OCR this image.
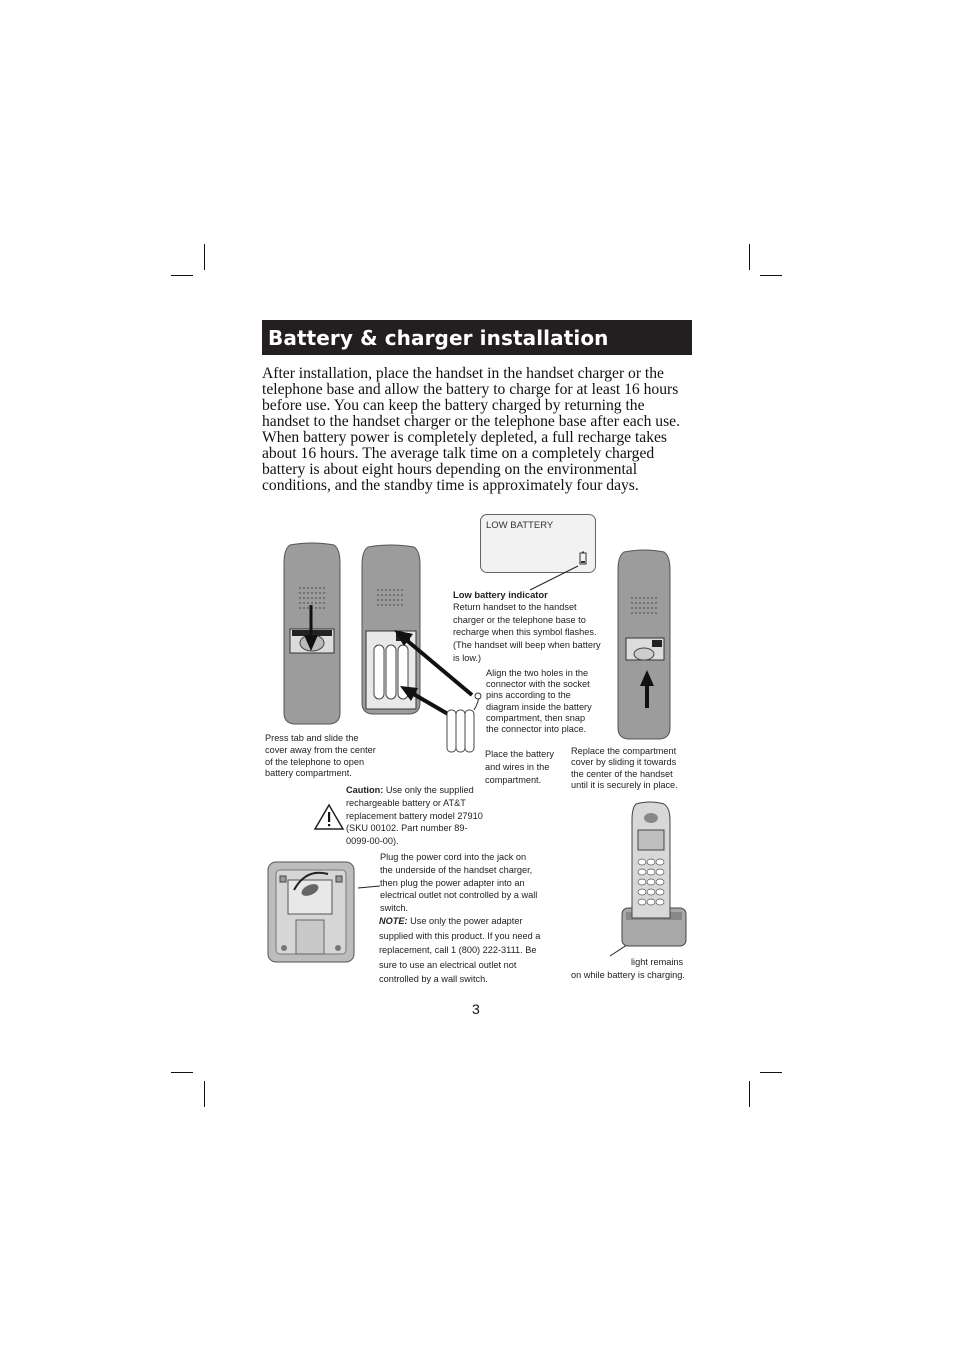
Battery & charger installation
After installation, place the handset in the handset charger or the telephone base and allow the battery to charge for at least 16 hours before use. You can keep the battery charged by returning the handset to the handset charger or the telephone base after each use. When battery power is completely depleted, a full recharge takes about 16 hours. The average talk time on a completely charged battery is about eight hours depending on the environmental conditions, and the standby time is approximately four days.
LOW BATTERY
Low battery indicator
Return handset to the handset charger or the telephone base to recharge when this symbol flashes. (The handset will beep when battery is low.)
Align the two holes in the connector with the socket pins according to the diagram inside the battery compartment, then snap the connector into place.
Press tab and slide the cover away from the center of the telephone to open battery compartment.
Place the battery and wires in the compartment.
Replace the compartment cover by sliding it towards the center of the handset until it is securely in place.
Caution: Use only the supplied rechargeable battery or AT&T replacement battery model 27910 (SKU 00102. Part number 89-0099-00-00).
Plug the power cord into the jack on the underside of the handset charger, then plug the power adapter into an electrical outlet not controlled by a wall switch.
NOTE: Use only the power adapter supplied with this product. If you need a replacement, call 1 (800) 222-3111. Be sure to use an electrical outlet not controlled by a wall switch.
light remains
on while battery is charging.
3
